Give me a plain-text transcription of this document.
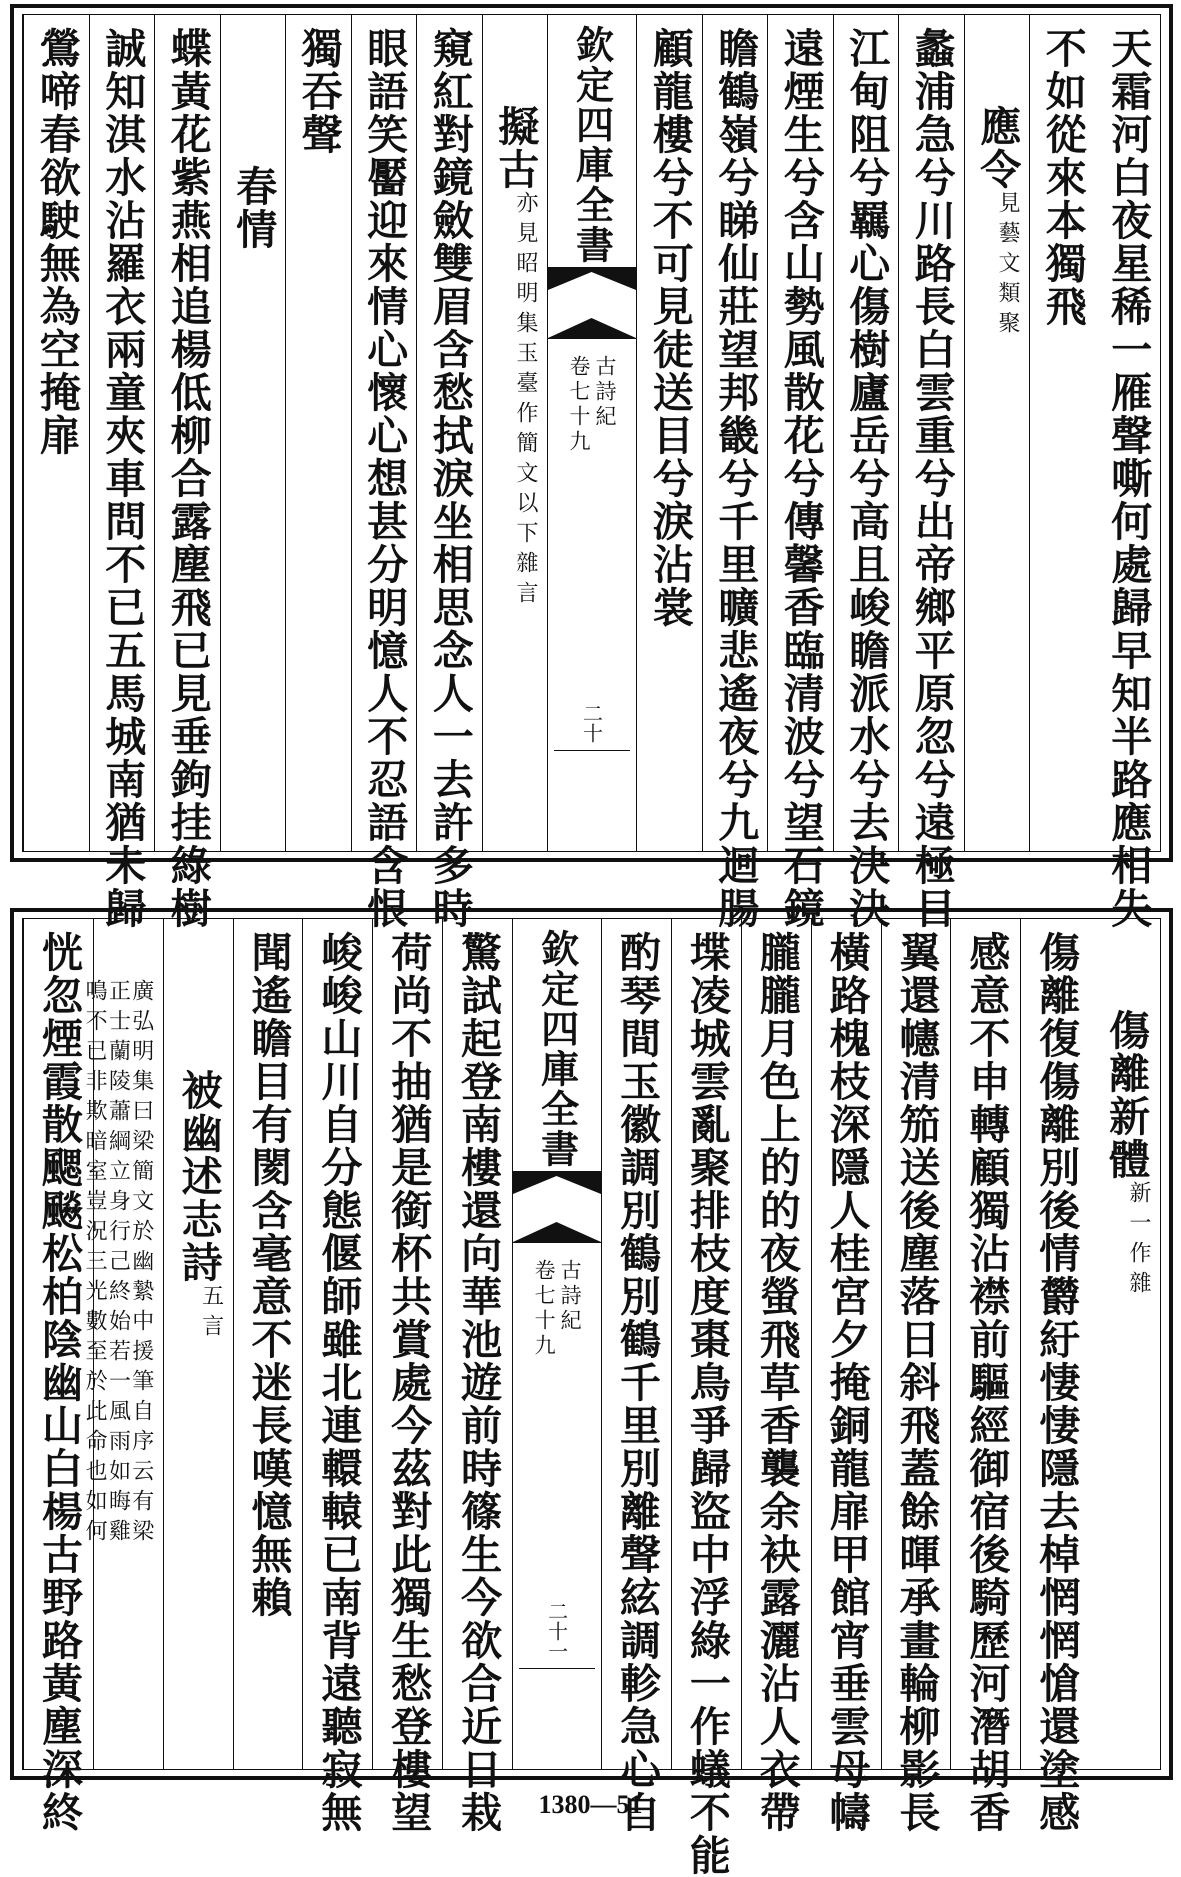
天霜河白夜星稀一雁聲嘶何處歸早知半路應相失
不如從來本獨飛
應令
見藝文類聚
蠡浦急兮川路長白雲重兮出帝鄉平原忽兮遠極目
江甸阻兮羈心傷樹廬岳兮高且峻瞻派水兮去決決
遠煙生兮含山勢風散花兮傳馨香臨清波兮望石鏡
瞻鶴嶺兮睇仙莊望邦畿兮千里曠悲遙夜兮九迴腸
顧龍樓兮不可見徒送目兮淚沾裳
欽定四庫全書
古詩紀
卷七十九
二十
擬古
亦見昭明集玉臺作簡文以下雜言
窺紅對鏡斂雙眉含愁拭淚坐相思念人一去許多時
眼語笑靨迎來情心懷心想甚分明憶人不忍語含恨
獨吞聲
春情
蝶黃花紫燕相追楊低柳合露塵飛已見垂鉤挂綠樹
誠知淇水沾羅衣兩童夾車問不已五馬城南猶未歸
鶯啼春欲駛無為空掩扉
傷離新體
新一作雜
傷離復傷離別後情欝紆悽悽隱去棹惘惘愴還塗感
感意不申轉顧獨沾襟前驅經御宿後騎歷河潛胡香
翼還幰清笳送後塵落日斜飛蓋餘暉承畫輪柳影長
橫路槐枝深隱人桂宮夕掩銅龍扉甲館宵垂雲母幬
朧朧月色上的的夜螢飛草香襲余袂露灑沾人衣帶
堞凌城雲亂聚排枝度棗鳥爭歸盜中浮綠一作蟻不能
酌琴間玉徽調別鶴別鶴千里別離聲絃調軫急心自
欽定四庫全書
古詩紀
卷七十九
二十一
驚試起登南樓還向華池遊前時篠生今欲合近日栽
荷尚不抽猶是銜杯共賞處今茲對此獨生愁登樓望
峻峻山川自分態偃師雖北連轘轅已南背遠聽寂無
聞遙瞻目有閡含毫意不迷長嘆憶無賴
被幽述志詩
五言
廣弘明集曰梁簡文於幽縶中援筆自序云有梁
正士蘭陵蕭綱立身行己終始若一風雨如晦雞
鳴不已非欺暗室豈況三光數至於此命也如何
恍忽煙霞散颸飈松柏陰幽山白楊古野路黃塵深終	1380—51
